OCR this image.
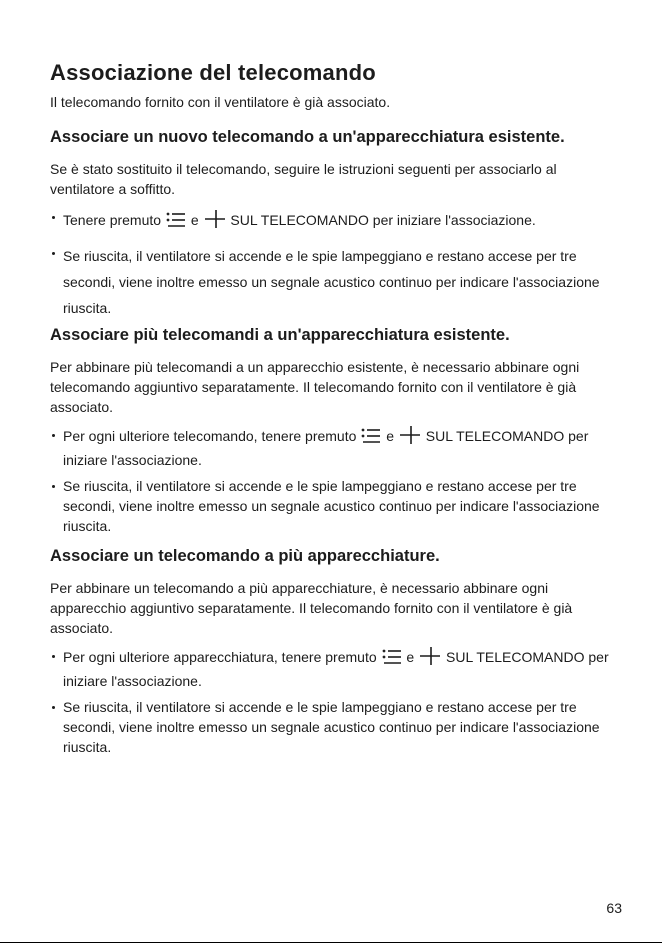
Associazione del telecomando

Il telecomando fornito con il ventilatore è già associato.

Associare un nuovo telecomando a un'apparecchiatura esistente.

Se è stato sostituito il telecomando, seguire le istruzioni seguenti per associarlo al ventilatore a soffitto.

Tenere premuto e SUL TELECOMANDO per iniziare l'associazione.
Se riuscita, il ventilatore si accende e le spie lampeggiano e restano accese per tre secondi, viene inoltre emesso un segnale acustico continuo per indicare l'associazione riuscita.
Associare più telecomandi a un'apparecchiatura esistente.

Per abbinare più telecomandi a un apparecchio esistente, è necessario abbinare ogni telecomando aggiuntivo separatamente. Il telecomando fornito con il ventilatore è già associato.

Per ogni ulteriore telecomando, tenere premuto e SUL TELECOMANDO per iniziare l'associazione.
Se riuscita, il ventilatore si accende e le spie lampeggiano e restano accese per tre secondi, viene inoltre emesso un segnale acustico continuo per indicare l'associazione riuscita.
Associare un telecomando a più apparecchiature.

Per abbinare un telecomando a più apparecchiature, è necessario abbinare ogni apparecchio aggiuntivo separatamente. Il telecomando fornito con il ventilatore è già associato.

Per ogni ulteriore apparecchiatura, tenere premuto e SUL TELECOMANDO per iniziare l'associazione.
Se riuscita, il ventilatore si accende e le spie lampeggiano e restano accese per tre secondi, viene inoltre emesso un segnale acustico continuo per indicare l'associazione riuscita.
63
